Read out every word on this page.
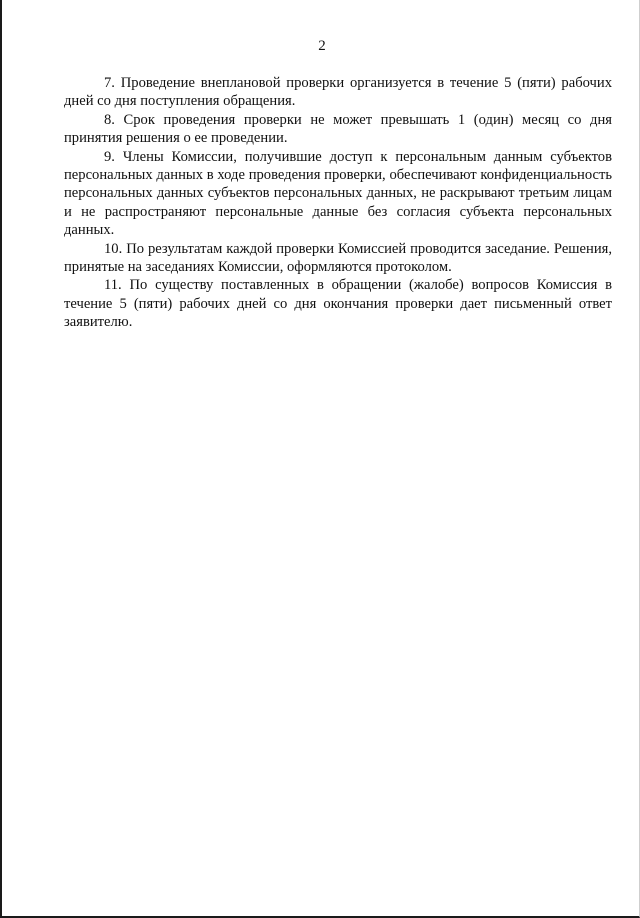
2

7. Проведение внеплановой проверки организуется в течение 5 (пяти) рабочих дней со дня поступления обращения.

8. Срок проведения проверки не может превышать 1 (один) месяц со дня принятия решения о ее проведении.

9. Члены Комиссии, получившие доступ к персональным данным субъектов персональных данных в ходе проведения проверки, обеспечивают конфиденциальность персональных данных субъектов персональных данных, не раскрывают третьим лицам и не распространяют персональные данные без согласия субъекта персональных данных.

10. По результатам каждой проверки Комиссией проводится заседание. Решения, принятые на заседаниях Комиссии, оформляются протоколом.

11. По существу поставленных в обращении (жалобе) вопросов Комиссия в течение 5 (пяти) рабочих дней со дня окончания проверки дает письменный ответ заявителю.
